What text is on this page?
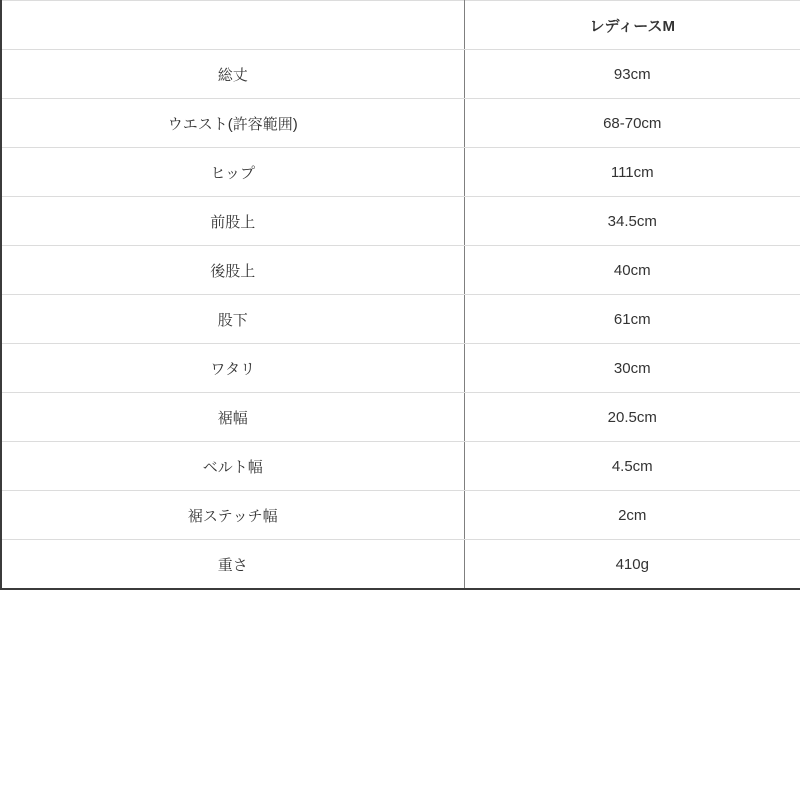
	レディースM
総丈	93cm
ウエスト(許容範囲)	68-70cm
ヒップ	111cm
前股上	34.5cm
後股上	40cm
股下	61cm
ワタリ	30cm
裾幅	20.5cm
ベルト幅	4.5cm
裾ステッチ幅	2cm
重さ	410g
